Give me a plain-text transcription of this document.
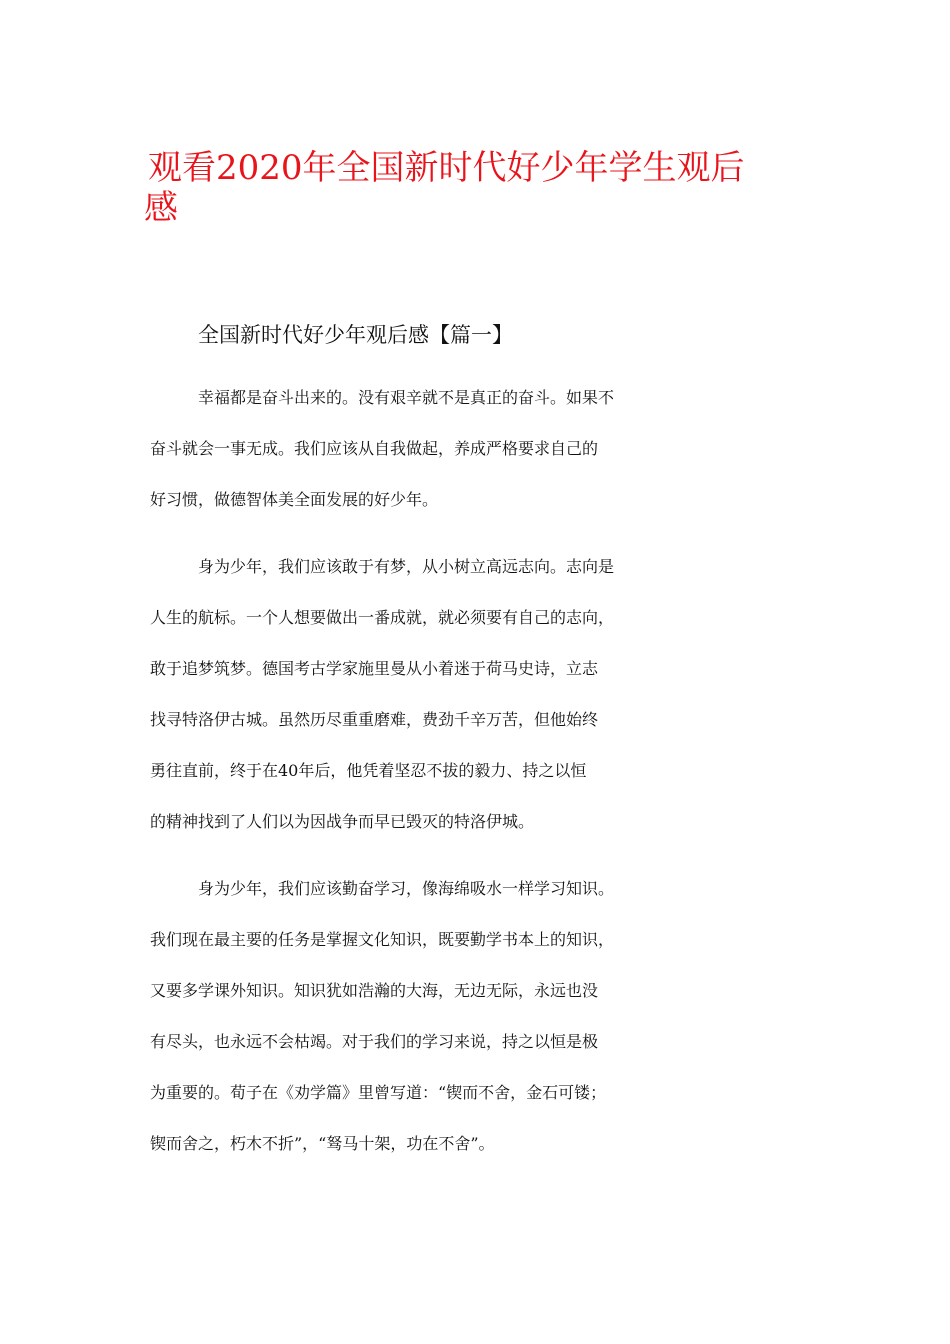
观看2020年全国新时代好少年学生观后
感

全国新时代好少年观后感【篇一】

幸福都是奋斗出来的。没有艰辛就不是真正的奋斗。如果不
奋斗就会一事无成。我们应该从自我做起，养成严格要求自己的
好习惯，做德智体美全面发展的好少年。
身为少年，我们应该敢于有梦，从小树立高远志向。志向是
人生的航标。一个人想要做出一番成就，就必须要有自己的志向，
敢于追梦筑梦。德国考古学家施里曼从小着迷于荷马史诗，立志
找寻特洛伊古城。虽然历尽重重磨难，费劲千辛万苦，但他始终
勇往直前，终于在40年后，他凭着坚忍不拔的毅力、持之以恒
的精神找到了人们以为因战争而早已毁灭的特洛伊城。
身为少年，我们应该勤奋学习，像海绵吸水一样学习知识。
我们现在最主要的任务是掌握文化知识，既要勤学书本上的知识，
又要多学课外知识。知识犹如浩瀚的大海，无边无际，永远也没
有尽头，也永远不会枯竭。对于我们的学习来说，持之以恒是极
为重要的。荀子在《劝学篇》里曾写道：“锲而不舍，金石可镂；
锲而舍之，朽木不折”，“驽马十架，功在不舍”。
